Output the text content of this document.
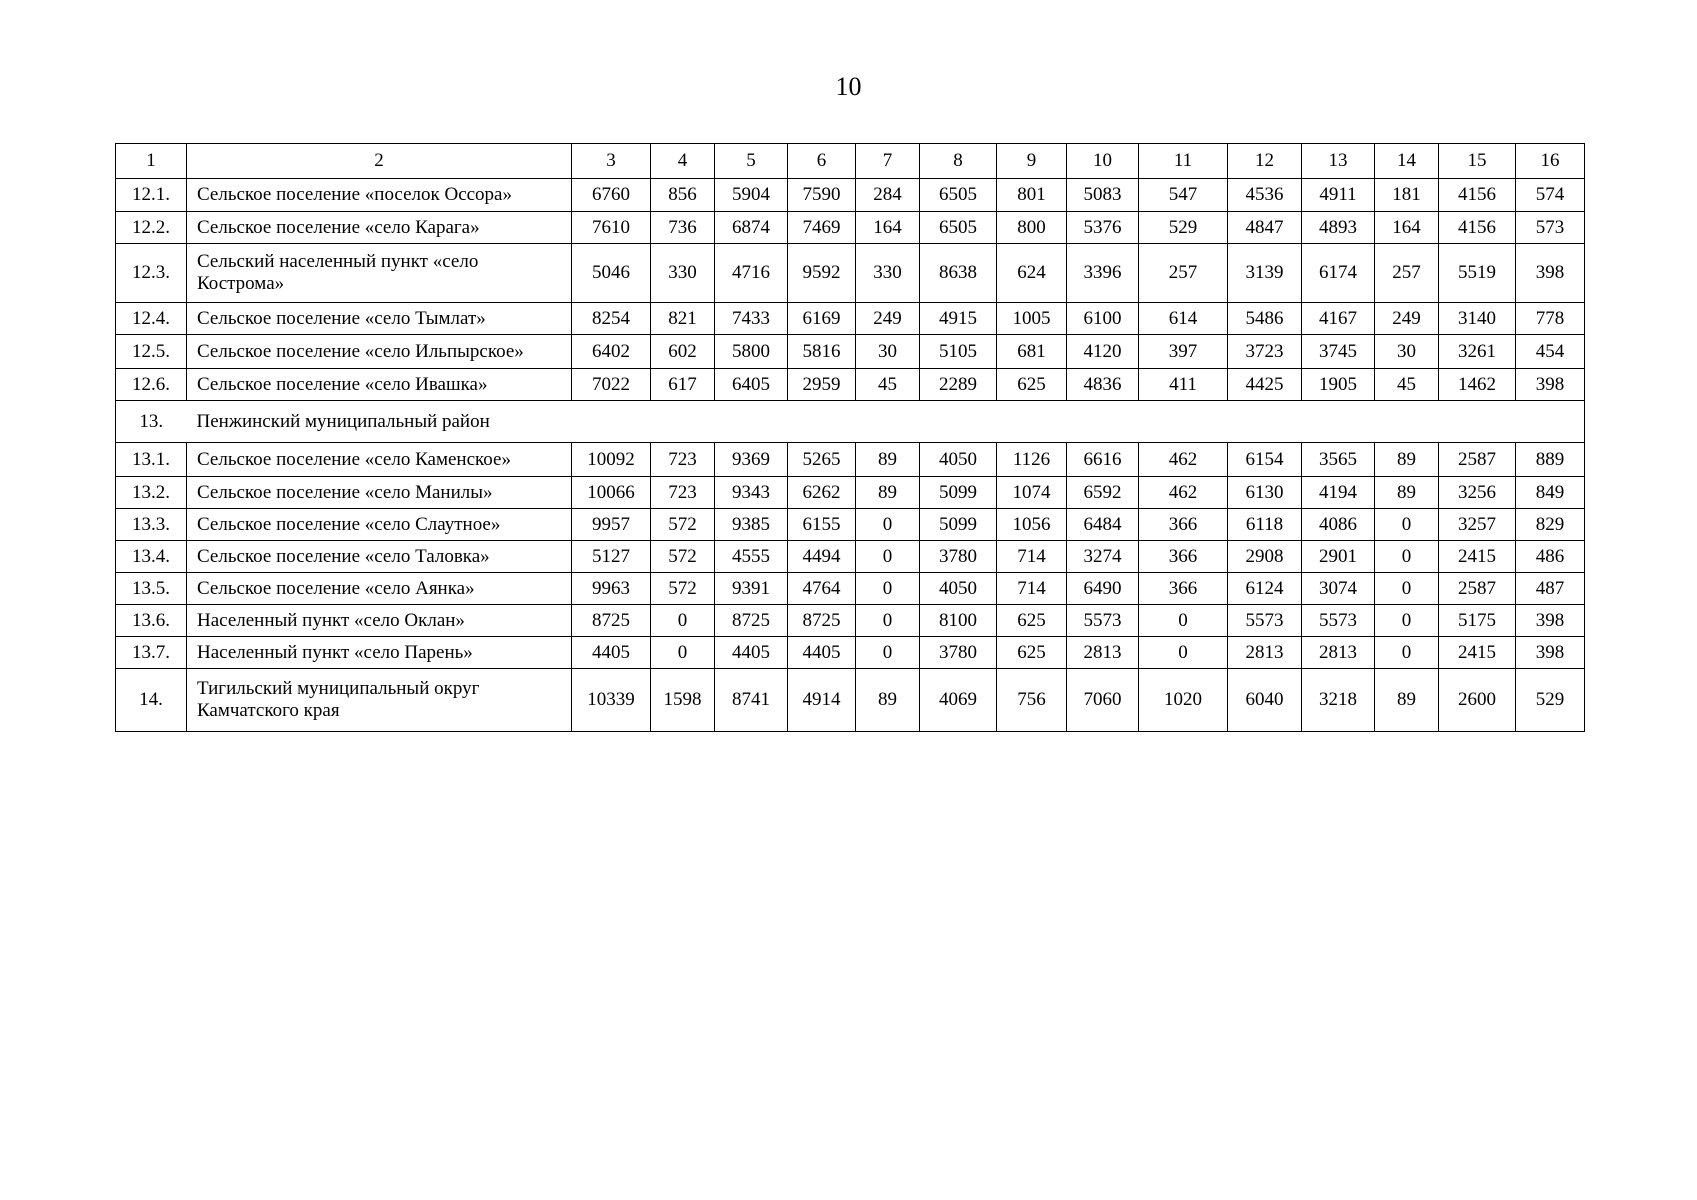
10
1	2	3	4	5	6	7	8	9	10	11	12	13	14	15	16
12.1.	Сельское поселение «поселок Оссора»	6760	856	5904	7590	284	6505	801	5083	547	4536	4911	181	4156	574
12.2.	Сельское поселение «село Карага»	7610	736	6874	7469	164	6505	800	5376	529	4847	4893	164	4156	573
12.3.	Сельский населенный пункт «село Кострома»	5046	330	4716	9592	330	8638	624	3396	257	3139	6174	257	5519	398
12.4.	Сельское поселение «село Тымлат»	8254	821	7433	6169	249	4915	1005	6100	614	5486	4167	249	3140	778
12.5.	Сельское поселение «село Ильпырское»	6402	602	5800	5816	30	5105	681	4120	397	3723	3745	30	3261	454
12.6.	Сельское поселение «село Ивашка»	7022	617	6405	2959	45	2289	625	4836	411	4425	1905	45	1462	398
13.	Пенжинский муниципальный район														
13.1.	Сельское поселение «село Каменское»	10092	723	9369	5265	89	4050	1126	6616	462	6154	3565	89	2587	889
13.2.	Сельское поселение «село Манилы»	10066	723	9343	6262	89	5099	1074	6592	462	6130	4194	89	3256	849
13.3.	Сельское поселение «село Слаутное»	9957	572	9385	6155	0	5099	1056	6484	366	6118	4086	0	3257	829
13.4.	Сельское поселение «село Таловка»	5127	572	4555	4494	0	3780	714	3274	366	2908	2901	0	2415	486
13.5.	Сельское поселение «село Аянка»	9963	572	9391	4764	0	4050	714	6490	366	6124	3074	0	2587	487
13.6.	Населенный пункт «село Оклан»	8725	0	8725	8725	0	8100	625	5573	0	5573	5573	0	5175	398
13.7.	Населенный пункт «село Парень»	4405	0	4405	4405	0	3780	625	2813	0	2813	2813	0	2415	398
14.	Тигильский муниципальный округ Камчатского края	10339	1598	8741	4914	89	4069	756	7060	1020	6040	3218	89	2600	529
